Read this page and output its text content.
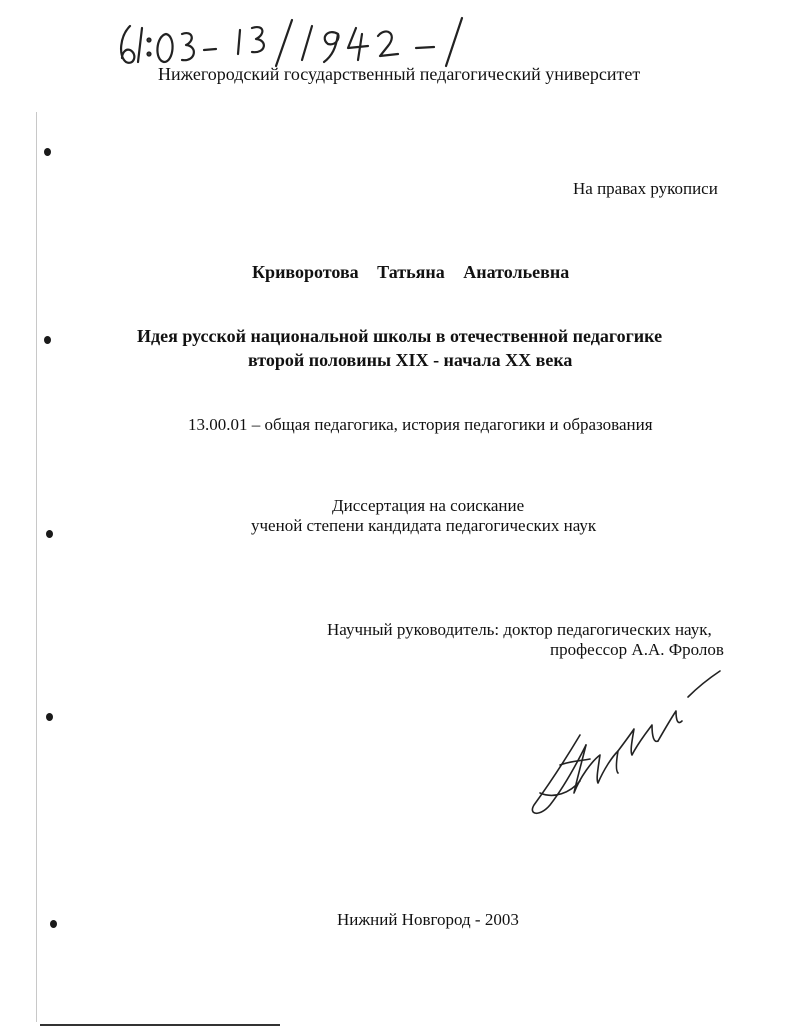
Нижегородский государственный педагогический университет
На правах рукописи
Криворотова Татьяна Анатольевна
Идея русской национальной школы в отечественной педагогике
второй половины XIX - начала XX века
13.00.01 – общая педагогика, история педагогики и образования
Диссертация на соискание
ученой степени кандидата педагогических наук
Научный руководитель: доктор педагогических наук,
профессор А.А. Фролов
Нижний Новгород - 2003
